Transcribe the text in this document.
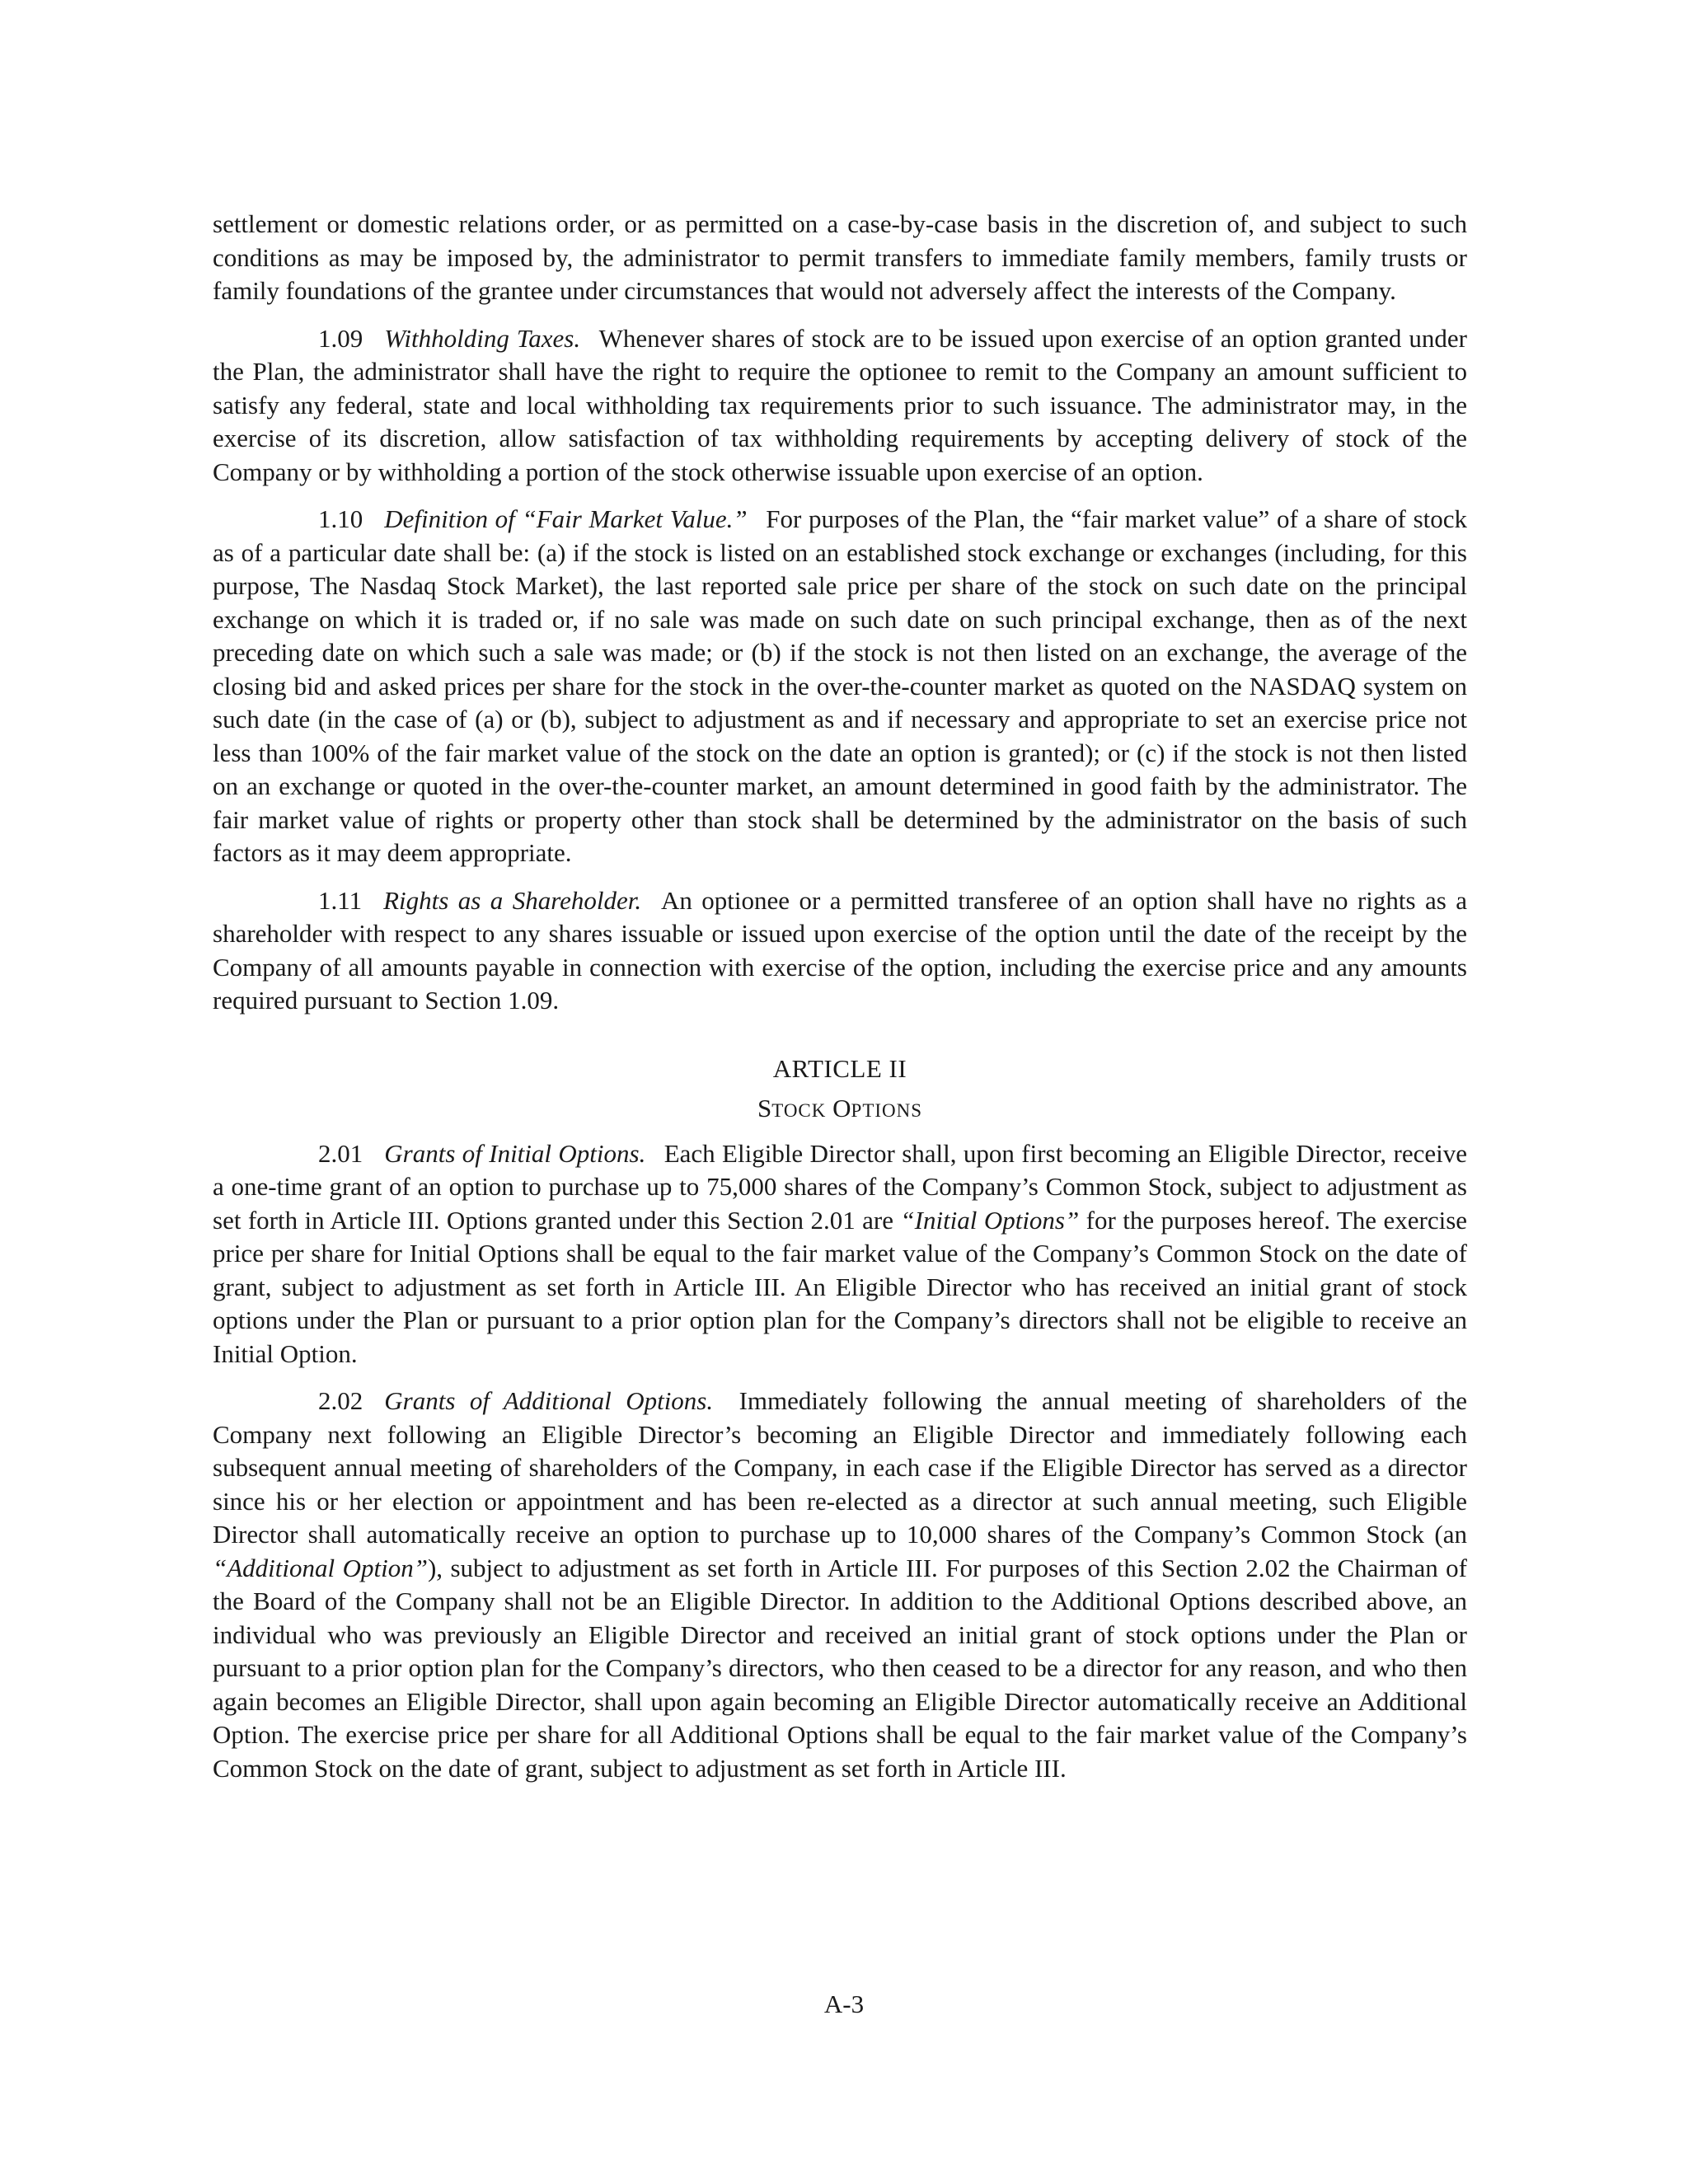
settlement or domestic relations order, or as permitted on a case-by-case basis in the discretion of, and subject to such conditions as may be imposed by, the administrator to permit transfers to immediate family members, family trusts or family foundations of the grantee under circumstances that would not adversely affect the interests of the Company.

1.09 Withholding Taxes. Whenever shares of stock are to be issued upon exercise of an option granted under the Plan, the administrator shall have the right to require the optionee to remit to the Company an amount sufficient to satisfy any federal, state and local withholding tax requirements prior to such issuance. The administrator may, in the exercise of its discretion, allow satisfaction of tax withholding requirements by accepting delivery of stock of the Company or by withholding a portion of the stock otherwise issuable upon exercise of an option.

1.10 Definition of “Fair Market Value.” For purposes of the Plan, the “fair market value” of a share of stock as of a particular date shall be: (a) if the stock is listed on an established stock exchange or exchanges (including, for this purpose, The Nasdaq Stock Market), the last reported sale price per share of the stock on such date on the principal exchange on which it is traded or, if no sale was made on such date on such principal exchange, then as of the next preceding date on which such a sale was made; or (b) if the stock is not then listed on an exchange, the average of the closing bid and asked prices per share for the stock in the over-the-counter market as quoted on the NASDAQ system on such date (in the case of (a) or (b), subject to adjustment as and if necessary and appropriate to set an exercise price not less than 100% of the fair market value of the stock on the date an option is granted); or (c) if the stock is not then listed on an exchange or quoted in the over-the-counter market, an amount determined in good faith by the administrator. The fair market value of rights or property other than stock shall be determined by the administrator on the basis of such factors as it may deem appropriate.

1.11 Rights as a Shareholder. An optionee or a permitted transferee of an option shall have no rights as a shareholder with respect to any shares issuable or issued upon exercise of the option until the date of the receipt by the Company of all amounts payable in connection with exercise of the option, including the exercise price and any amounts required pursuant to Section 1.09.

ARTICLE II
STOCK OPTIONS

2.01 Grants of Initial Options. Each Eligible Director shall, upon first becoming an Eligible Director, receive a one-time grant of an option to purchase up to 75,000 shares of the Company’s Common Stock, subject to adjustment as set forth in Article III. Options granted under this Section 2.01 are “Initial Options” for the purposes hereof. The exercise price per share for Initial Options shall be equal to the fair market value of the Company’s Common Stock on the date of grant, subject to adjustment as set forth in Article III. An Eligible Director who has received an initial grant of stock options under the Plan or pursuant to a prior option plan for the Company’s directors shall not be eligible to receive an Initial Option.

2.02 Grants of Additional Options. Immediately following the annual meeting of shareholders of the Company next following an Eligible Director’s becoming an Eligible Director and immediately following each subsequent annual meeting of shareholders of the Company, in each case if the Eligible Director has served as a director since his or her election or appointment and has been re-elected as a director at such annual meeting, such Eligible Director shall automatically receive an option to purchase up to 10,000 shares of the Company’s Common Stock (an “Additional Option”), subject to adjustment as set forth in Article III. For purposes of this Section 2.02 the Chairman of the Board of the Company shall not be an Eligible Director. In addition to the Additional Options described above, an individual who was previously an Eligible Director and received an initial grant of stock options under the Plan or pursuant to a prior option plan for the Company’s directors, who then ceased to be a director for any reason, and who then again becomes an Eligible Director, shall upon again becoming an Eligible Director automatically receive an Additional Option. The exercise price per share for all Additional Options shall be equal to the fair market value of the Company’s Common Stock on the date of grant, subject to adjustment as set forth in Article III.

A-3
